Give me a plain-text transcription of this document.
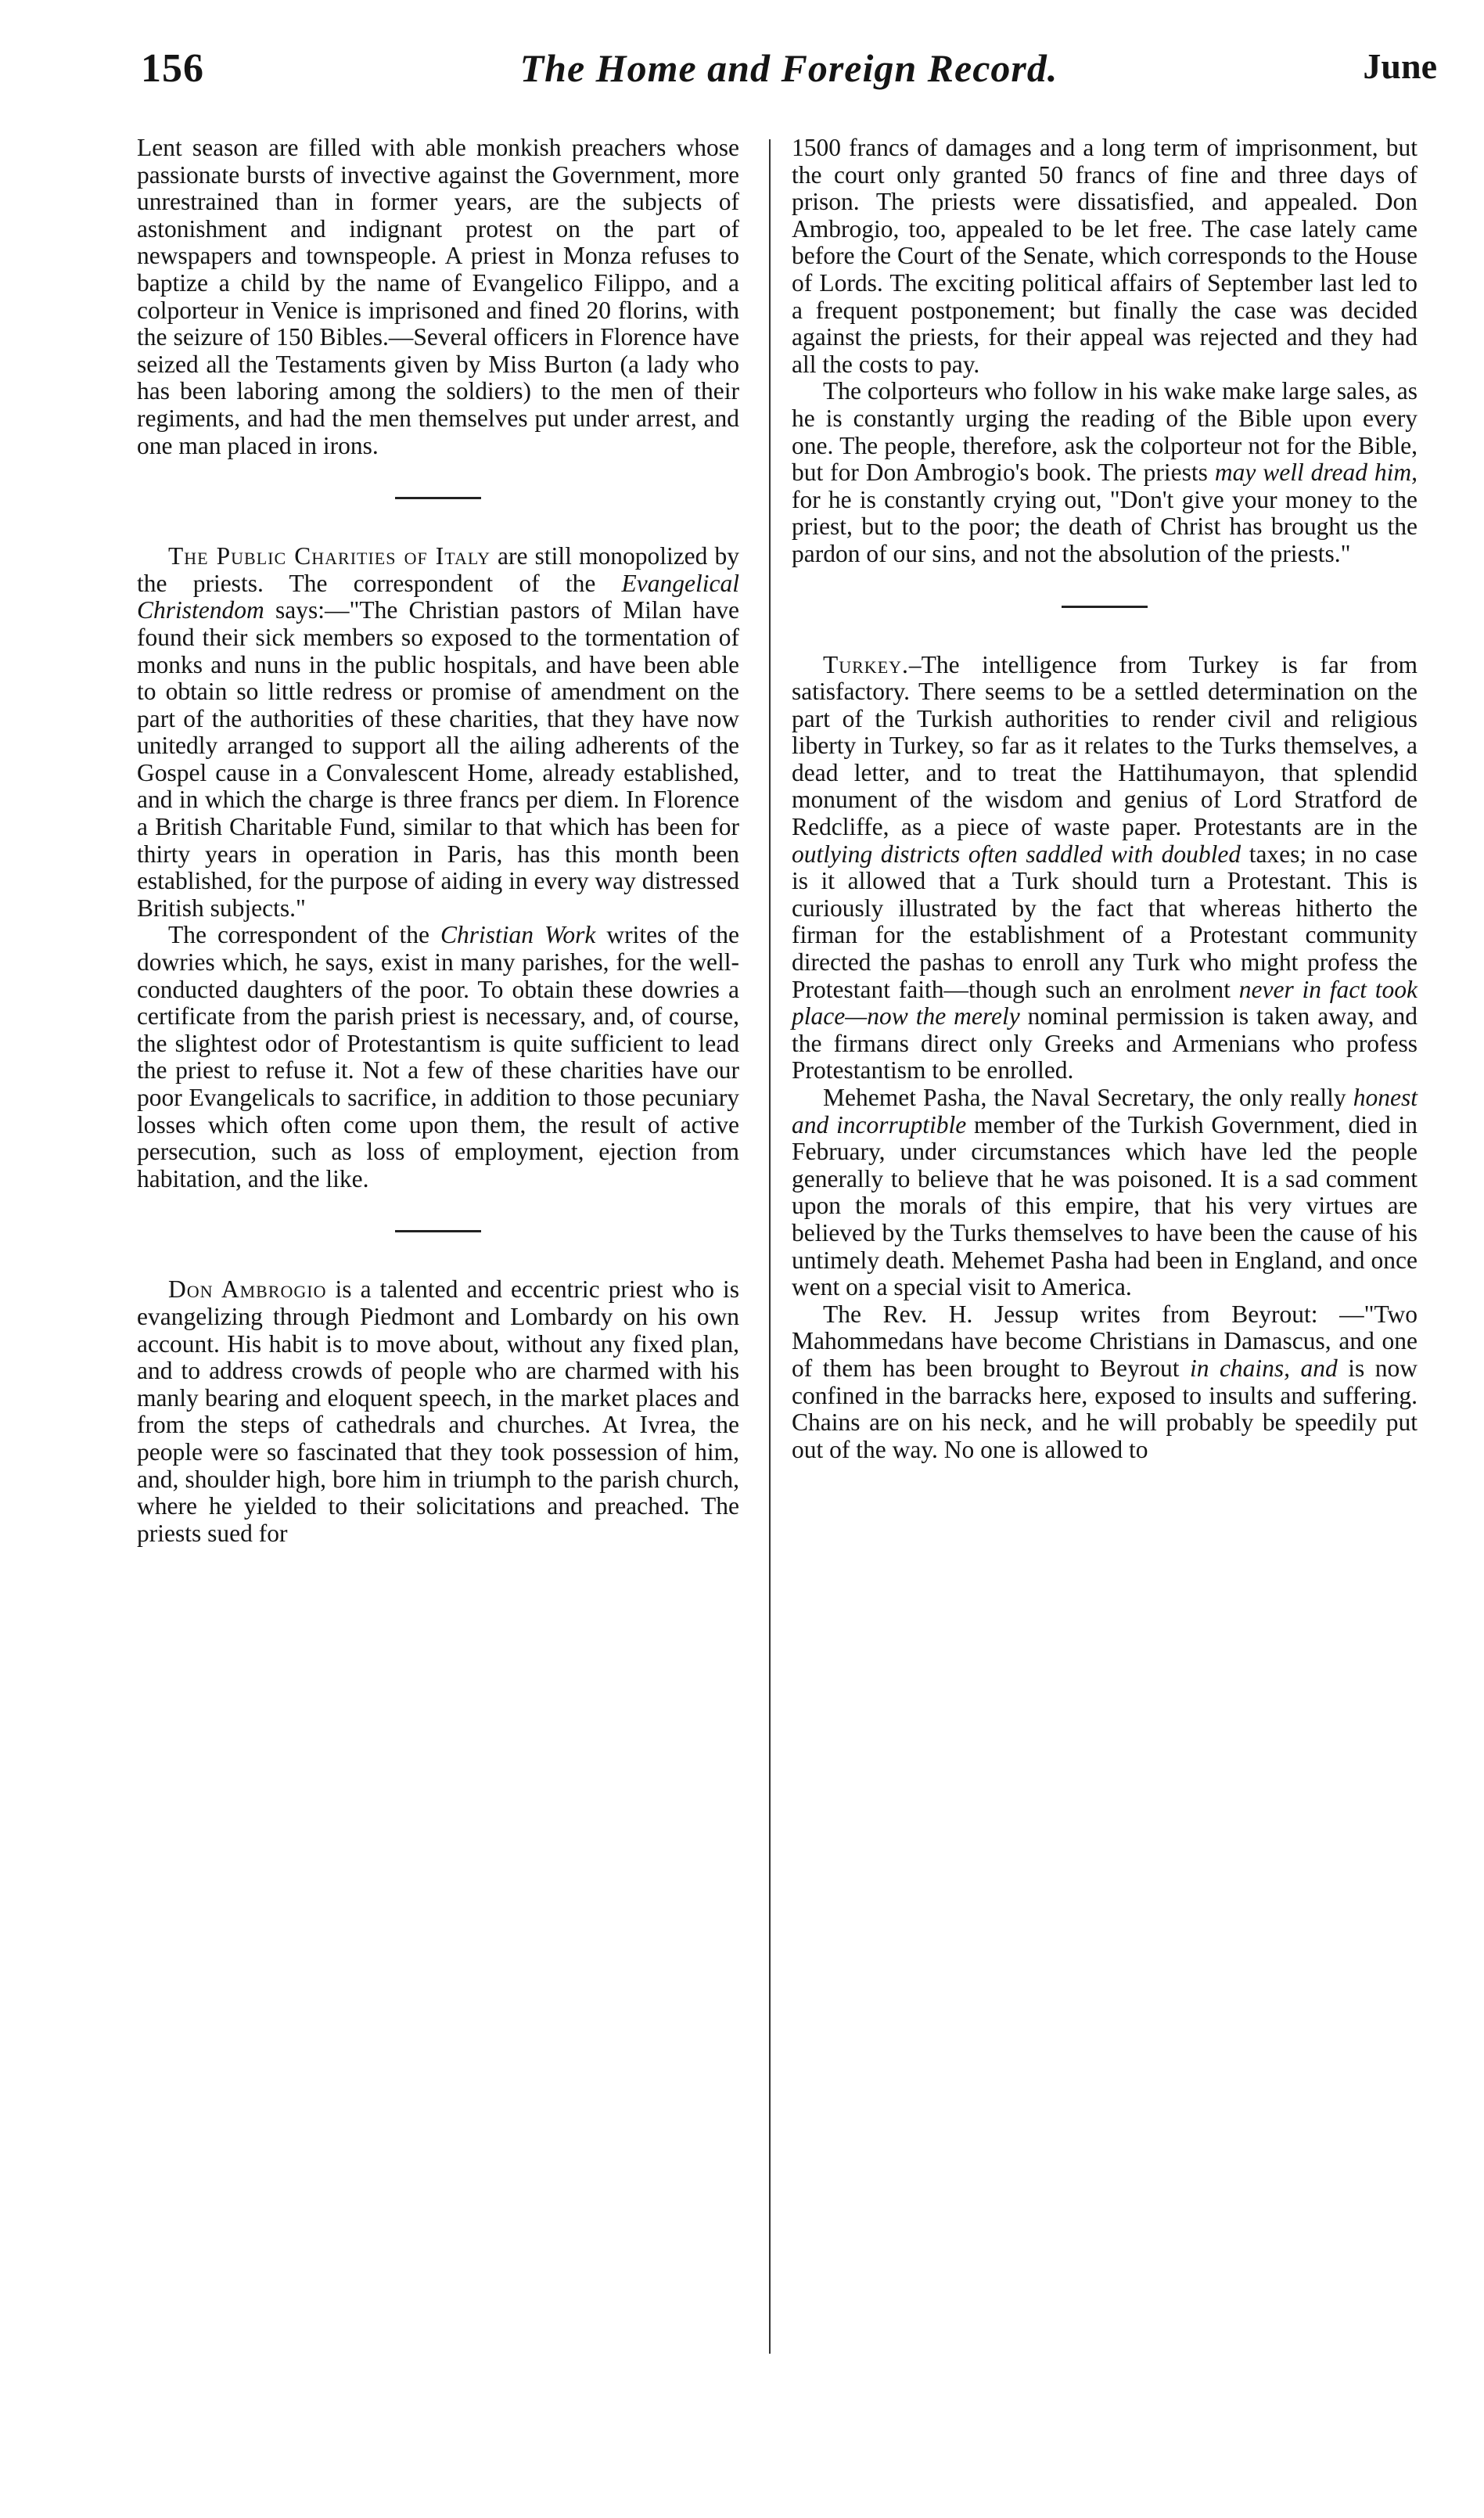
156	The Home and Foreign Record.	June

Lent season are filled with able monkish preachers whose passionate bursts of invective against the Government, more unrestrained than in former years, are the subjects of astonishment and indignant protest on the part of newspapers and townspeople. A priest in Monza refuses to baptize a child by the name of Evangelico Filippo, and a colporteur in Venice is imprisoned and fined 20 florins, with the seizure of 150 Bibles.—Several officers in Florence have seized all the Testaments given by Miss Burton (a lady who has been laboring among the soldiers) to the men of their regiments, and had the men themselves put under arrest, and one man placed in irons.

The Public Charities of Italy are still monopolized by the priests. The correspondent of the Evangelical Christendom says:—"The Christian pastors of Milan have found their sick members so exposed to the tormentation of monks and nuns in the public hospitals, and have been able to obtain so little redress or promise of amendment on the part of the authorities of these charities, that they have now unitedly arranged to support all the ailing adherents of the Gospel cause in a Convalescent Home, already established, and in which the charge is three francs per diem. In Florence a British Charitable Fund, similar to that which has been for thirty years in operation in Paris, has this month been established, for the purpose of aiding in every way distressed British subjects."

The correspondent of the Christian Work writes of the dowries which, he says, exist in many parishes, for the well-conducted daughters of the poor. To obtain these dowries a certificate from the parish priest is necessary, and, of course, the slightest odor of Protestantism is quite sufficient to lead the priest to refuse it. Not a few of these charities have our poor Evangelicals to sacrifice, in addition to those pecuniary losses which often come upon them, the result of active persecution, such as loss of employment, ejection from habitation, and the like.

Don Ambrogio is a talented and eccentric priest who is evangelizing through Piedmont and Lombardy on his own account. His habit is to move about, without any fixed plan, and to address crowds of people who are charmed with his manly bearing and eloquent speech, in the market places and from the steps of cathedrals and churches. At Ivrea, the people were so fascinated that they took possession of him, and, shoulder high, bore him in triumph to the parish church, where he yielded to their solicitations and preached. The priests sued for

1500 francs of damages and a long term of imprisonment, but the court only granted 50 francs of fine and three days of prison. The priests were dissatisfied, and appealed. Don Ambrogio, too, appealed to be let free. The case lately came before the Court of the Senate, which corresponds to the House of Lords. The exciting political affairs of September last led to a frequent postponement; but finally the case was decided against the priests, for their appeal was rejected and they had all the costs to pay.

The colporteurs who follow in his wake make large sales, as he is constantly urging the reading of the Bible upon every one. The people, therefore, ask the colporteur not for the Bible, but for Don Ambrogio's book. The priests may well dread him, for he is constantly crying out, "Don't give your money to the priest, but to the poor; the death of Christ has brought us the pardon of our sins, and not the absolution of the priests."

Turkey.–The intelligence from Turkey is far from satisfactory. There seems to be a settled determination on the part of the Turkish authorities to render civil and religious liberty in Turkey, so far as it relates to the Turks themselves, a dead letter, and to treat the Hattihumayon, that splendid monument of the wisdom and genius of Lord Stratford de Redcliffe, as a piece of waste paper. Protestants are in the outlying districts often saddled with doubled taxes; in no case is it allowed that a Turk should turn a Protestant. This is curiously illustrated by the fact that whereas hitherto the firman for the establishment of a Protestant community directed the pashas to enroll any Turk who might profess the Protestant faith—though such an enrolment never in fact took place—now the merely nominal permission is taken away, and the firmans direct only Greeks and Armenians who profess Protestantism to be enrolled.

Mehemet Pasha, the Naval Secretary, the only really honest and incorruptible member of the Turkish Government, died in February, under circumstances which have led the people generally to believe that he was poisoned. It is a sad comment upon the morals of this empire, that his very virtues are believed by the Turks themselves to have been the cause of his untimely death. Mehemet Pasha had been in England, and once went on a special visit to America.

The Rev. H. Jessup writes from Beyrout: —"Two Mahommedans have become Christians in Damascus, and one of them has been brought to Beyrout in chains, and is now confined in the barracks here, exposed to insults and suffering. Chains are on his neck, and he will probably be speedily put out of the way. No one is allowed to
